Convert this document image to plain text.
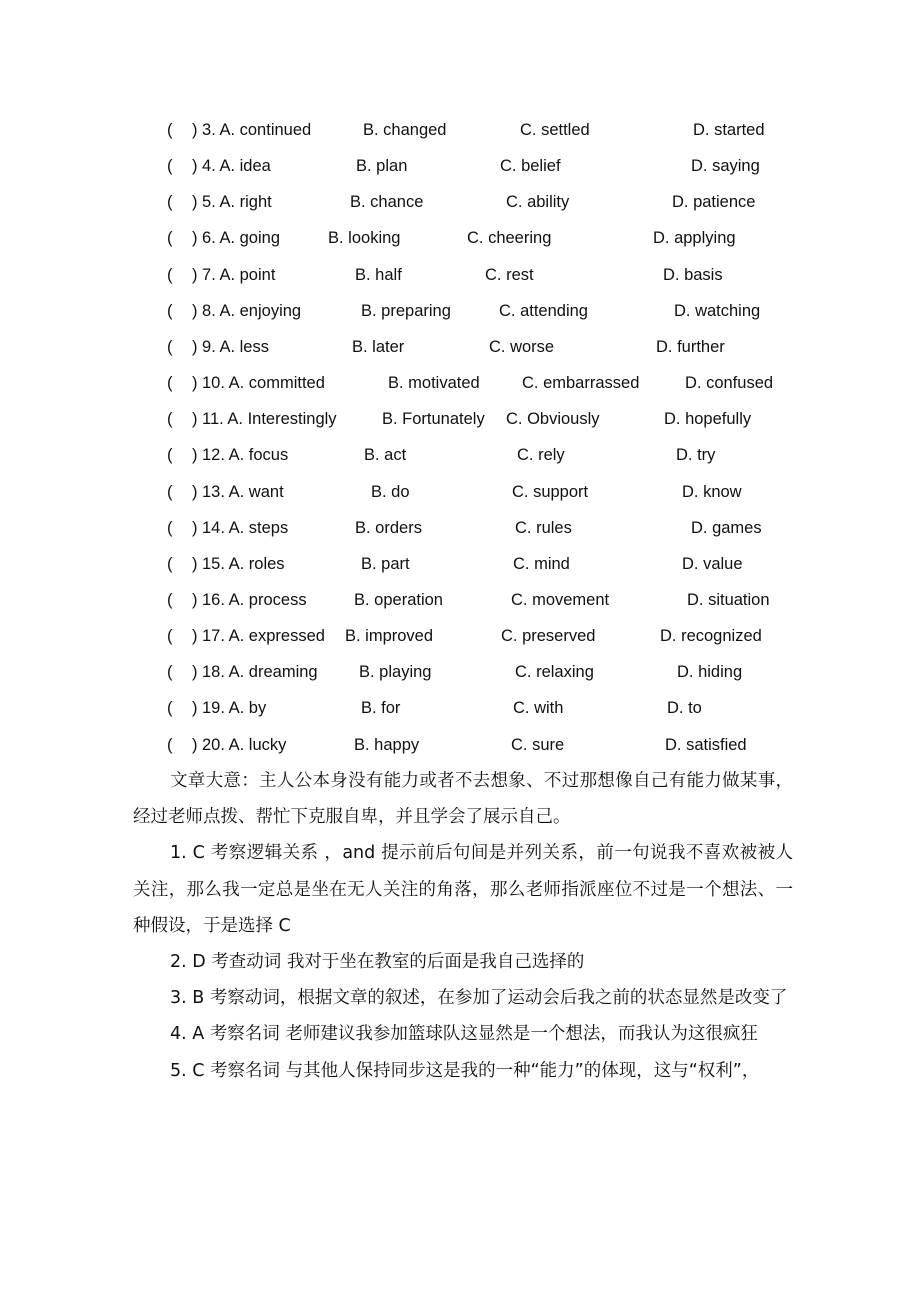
( ) 3. A. continued	B. changed	C. settled	D. started
( ) 4. A. idea	B. plan	C. belief	D. saying
( ) 5. A. right	B. chance	C. ability	D. patience
( ) 6. A. going	B. looking	C. cheering	D. applying
( ) 7. A. point	B. half	C. rest	D. basis
( ) 8. A. enjoying	B. preparing	C. attending	D. watching
( ) 9. A. less	B. later	C. worse	D. further
( ) 10. A. committed	B. motivated	C. embarrassed	D. confused
( ) 11. A. Interestingly	B. Fortunately C. Obviously	D. hopefully
( ) 12. A. focus	B. act	C. rely	D. try
( ) 13. A. want	B. do	C. support	D. know
( ) 14. A. steps	B. orders	C. rules	D. games
( ) 15. A. roles	B. part	C. mind	D. value
( ) 16. A. process	B. operation	C. movement	D. situation
( ) 17. A. expressed B. improved	C. preserved	D. recognized
( ) 18. A. dreaming	B. playing	C. relaxing	D. hiding
( ) 19. A. by	B. for	C. with	D. to
( ) 20. A. lucky	B. happy	C. sure	D. satisfied

文章大意：主人公本身没有能力或者不去想象、不过那想像自己有能力做某事，经过老师点拨、帮忙下克服自卑，并且学会了展示自己。

1. C 考察逻辑关系 ，and 提示前后句间是并列关系，前一句说我不喜欢被被人关注，那么我一定总是坐在无人关注的角落，那么老师指派座位不过是一个想法、一种假设，于是选择 C

2. D 考查动词 我对于坐在教室的后面是我自己选择的

3. B 考察动词，根据文章的叙述，在参加了运动会后我之前的状态显然是改变了

4. A 考察名词 老师建议我参加篮球队这显然是一个想法，而我认为这很疯狂

5. C 考察名词 与其他人保持同步这是我的一种“能力”的体现，这与“权利”，
